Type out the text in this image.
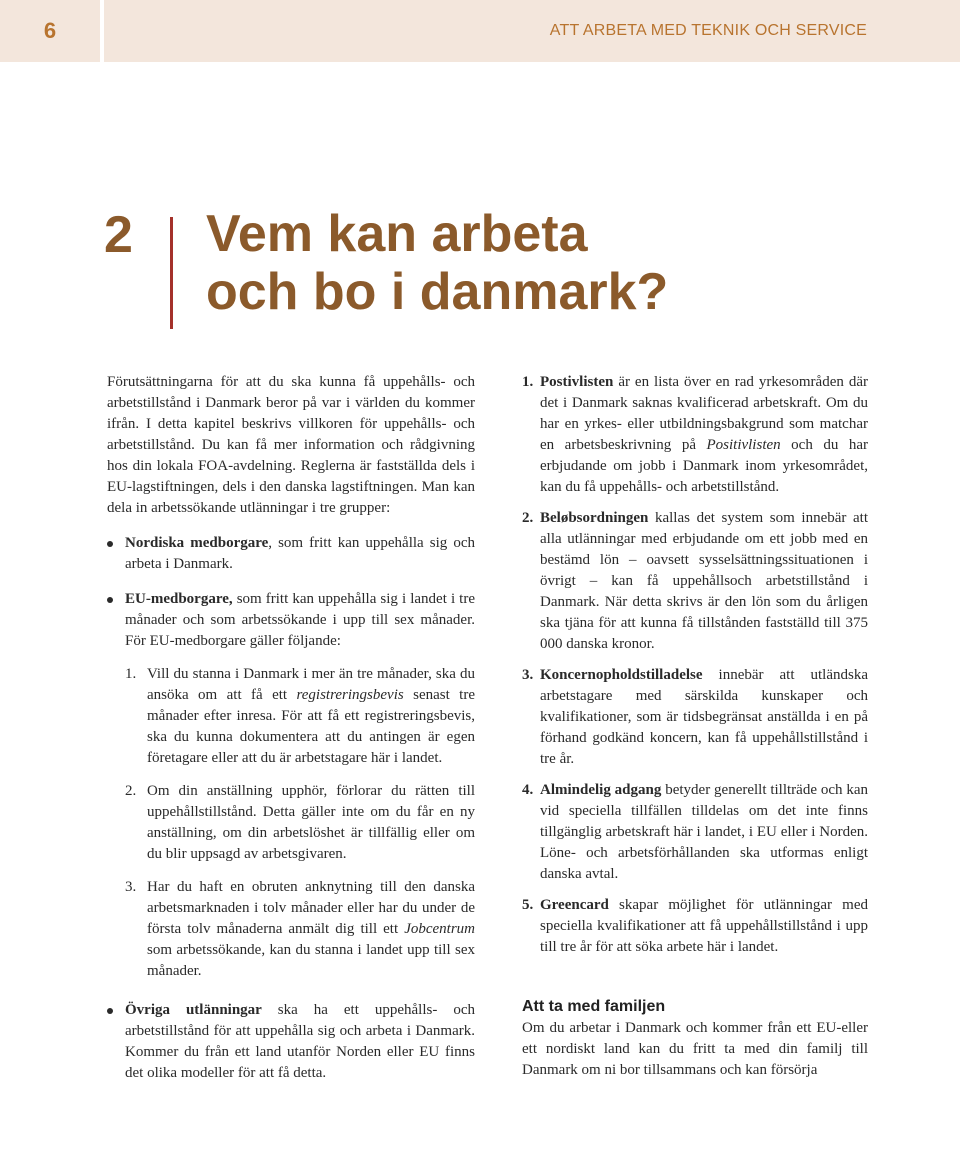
6	ATT ARBETA MED TEKNIK OCH SERVICE
2 Vem kan arbeta
och bo i danmark?

Förutsättningarna för att du ska kunna få uppehålls- och arbetstillstånd i Danmark beror på var i världen du kommer ifrån. I detta kapitel beskrivs villkoren för uppehålls- och arbetstillstånd. Du kan få mer information och rådgivning hos din lokala FOA-avdelning. Reglerna är fastställda dels i EU-lagstiftningen, dels i den danska lagstiftningen. Man kan dela in arbetssökande utlänningar i tre grupper:

Nordiska medborgare, som fritt kan uppehålla sig och arbeta i Danmark.
EU-medborgare, som fritt kan uppehålla sig i landet i tre månader och som arbetssökande i upp till sex månader. För EU-medborgare gäller följande:
1. Vill du stanna i Danmark i mer än tre månader, ska du ansöka om att få ett registreringsbevis senast tre månader efter inresa. För att få ett registreringsbevis, ska du kunna dokumentera att du antingen är egen företagare eller att du är arbetstagare här i landet.
2. Om din anställning upphör, förlorar du rätten till uppehållstillstånd. Detta gäller inte om du får en ny anställning, om din arbetslöshet är tillfällig eller om du blir uppsagd av arbetsgivaren.
3. Har du haft en obruten anknytning till den danska arbetsmarknaden i tolv månader eller har du under de första tolv månaderna anmält dig till ett Jobcentrum som arbetssökande, kan du stanna i landet upp till sex månader.
Övriga utlänningar ska ha ett uppehålls- och arbetstillstånd för att uppehålla sig och arbeta i Danmark. Kommer du från ett land utanför Norden eller EU finns det olika modeller för att få detta.
1. Postivlisten är en lista över en rad yrkesområden där det i Danmark saknas kvalificerad arbetskraft. Om du har en yrkes- eller utbildningsbakgrund som matchar en arbetsbeskrivning på Positivlisten och du har erbjudande om jobb i Danmark inom yrkesområdet, kan du få uppehålls- och arbetstillstånd.
2. Beløbsordningen kallas det system som innebär att alla utlänningar med erbjudande om ett jobb med en bestämd lön – oavsett sysselsättningssituationen i övrigt – kan få uppehållsoch arbetstillstånd i Danmark. När detta skrivs är den lön som du årligen ska tjäna för att kunna få tillstånden fastställd till 375 000 danska kronor.
3. Koncernopholdstilladelse innebär att utländska arbetstagare med särskilda kunskaper och kvalifikationer, som är tidsbegränsat anställda i en på förhand godkänd koncern, kan få uppehållstillstånd i tre år.
4. Almindelig adgang betyder generellt tillträde och kan vid speciella tillfällen tilldelas om det inte finns tillgänglig arbetskraft här i landet, i EU eller i Norden. Löne- och arbetsförhållanden ska utformas enligt danska avtal.
5. Greencard skapar möjlighet för utlänningar med speciella kvalifikationer att få uppehållstillstånd i upp till tre år för att söka arbete här i landet.
Att ta med familjen

Om du arbetar i Danmark och kommer från ett EU-eller ett nordiskt land kan du fritt ta med din familj till Danmark om ni bor tillsammans och kan försörja
